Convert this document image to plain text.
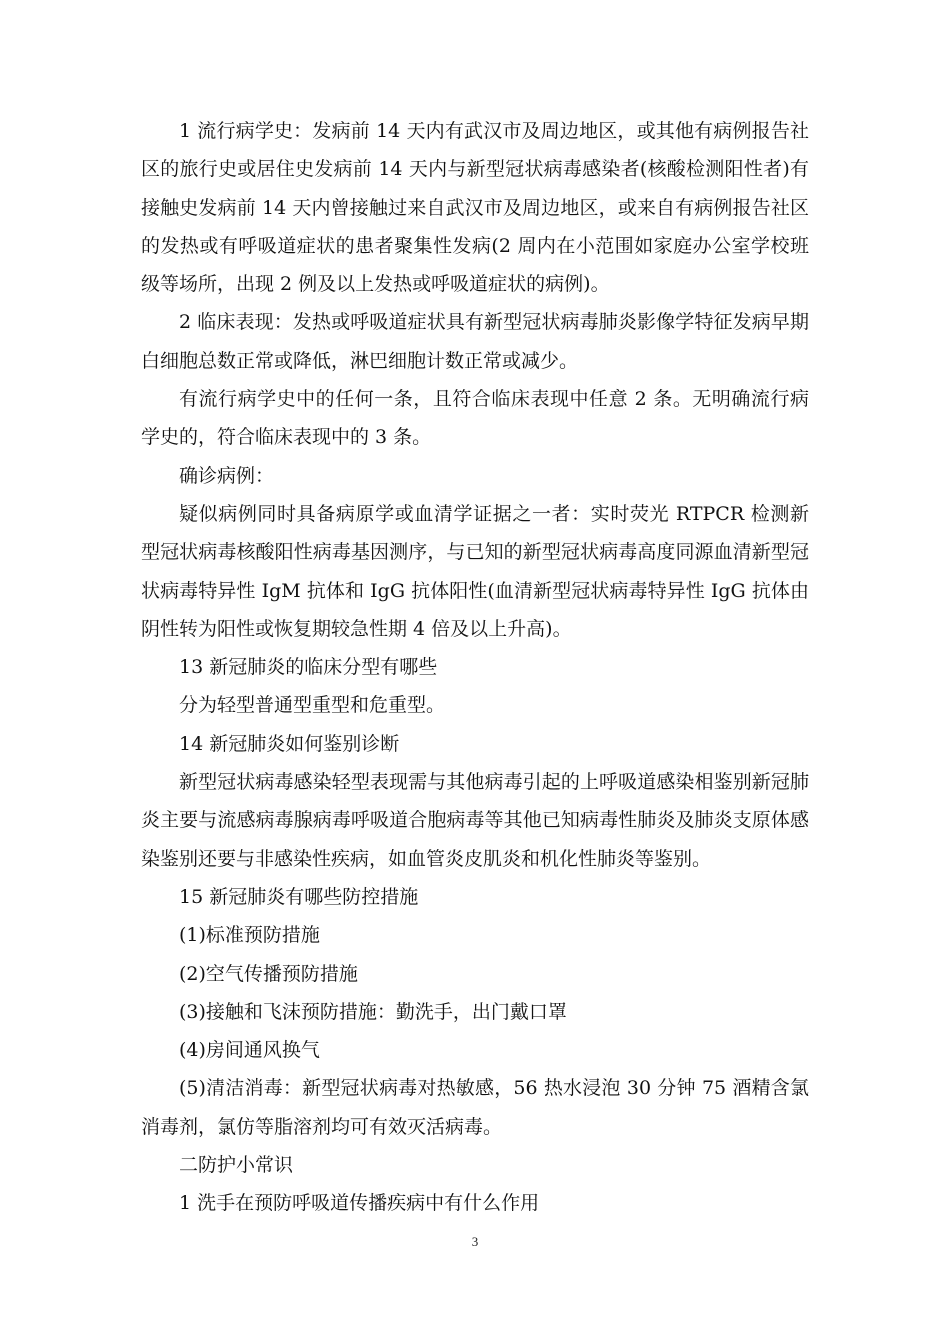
1 流行病学史：发病前 14 天内有武汉市及周边地区，或其他有病例报告社区的旅行史或居住史发病前 14 天内与新型冠状病毒感染者(核酸检测阳性者)有接触史发病前 14 天内曾接触过来自武汉市及周边地区，或来自有病例报告社区的发热或有呼吸道症状的患者聚集性发病(2 周内在小范围如家庭办公室学校班级等场所，出现 2 例及以上发热或呼吸道症状的病例)。

2 临床表现：发热或呼吸道症状具有新型冠状病毒肺炎影像学特征发病早期白细胞总数正常或降低，淋巴细胞计数正常或减少。

有流行病学史中的任何一条，且符合临床表现中任意 2 条。无明确流行病学史的，符合临床表现中的 3 条。

确诊病例：

疑似病例同时具备病原学或血清学证据之一者：实时荧光 RTPCR 检测新型冠状病毒核酸阳性病毒基因测序，与已知的新型冠状病毒高度同源血清新型冠状病毒特异性 IgM 抗体和 IgG 抗体阳性(血清新型冠状病毒特异性 IgG 抗体由阴性转为阳性或恢复期较急性期 4 倍及以上升高)。

13 新冠肺炎的临床分型有哪些

分为轻型普通型重型和危重型。

14 新冠肺炎如何鉴别诊断

新型冠状病毒感染轻型表现需与其他病毒引起的上呼吸道感染相鉴别新冠肺炎主要与流感病毒腺病毒呼吸道合胞病毒等其他已知病毒性肺炎及肺炎支原体感染鉴别还要与非感染性疾病，如血管炎皮肌炎和机化性肺炎等鉴别。

15 新冠肺炎有哪些防控措施

(1)标准预防措施

(2)空气传播预防措施

(3)接触和飞沫预防措施：勤洗手，出门戴口罩

(4)房间通风换气

(5)清洁消毒：新型冠状病毒对热敏感，56 热水浸泡 30 分钟 75 酒精含氯消毒剂，氯仿等脂溶剂均可有效灭活病毒。

二防护小常识

1 洗手在预防呼吸道传播疾病中有什么作用

3
